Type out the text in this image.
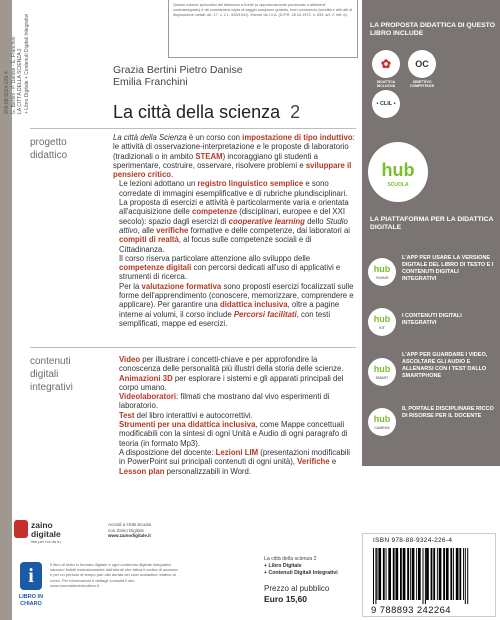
978-88-9324-226-4 G. Bertini - P. Danise - E. Franchini LA CITTÀ DELLA SCIENZA 2 + Libro Digitale + Contenuti Digitali Integrativi
Questo volume sprovvisto del talloncino a fronte (o opportunamente punzonato o altrimenti contrassegnato) è da considerarsi copia di saggio-campione gratuito, fuori commercio (vendita e altri atti di disposizione vietati: art. 17, c. 2 L. 633/1941). Esente da I.V.A. (D.P.R. 26.10.1972, n. 633, art. 2, lett. d).
Grazia Bertini Pietro Danise
Emilia Franchini
La città della scienza 2
LA PROPOSTA DIDATTICA DI QUESTO LIBRO INCLUDE
✿
DIDATTICA INCLUSIVA
OC
OBIETTIVO COMPETENZE
• CLIL •
hub
SCUOLA
LA PIATTAFORMA PER LA DIDATTICA DIGITALE
hub
YOUNG
L'APP PER USARE LA VERSIONE DIGITALE DEL LIBRO DI TESTO E I CONTENUTI DIGITALI INTEGRATIVI
hub
KIT
I CONTENUTI DIGITALI INTEGRATIVI
hub
SMART
L'APP PER GUARDARE I VIDEO, ASCOLTARE GLI AUDIO E ALLENARSI CON I TEST DALLO SMARTPHONE
hub
CAMPUS
IL PORTALE DISCIPLINARE RICCO DI RISORSE PER IL DOCENTE
progetto
didattico

La città della Scienza è un corso con impostazione di tipo induttivo: le attività di osservazione-interpretazione e le proposte di laboratorio (tradizionali o in ambito STEAM) incoraggiano gli studenti a sperimentare, costruire, osservare, risolvere problemi e sviluppare il pensiero critico.

Le lezioni adottano un registro linguistico semplice e sono corredate di immagini esemplificative e di rubriche plundisciplinari.

La proposta di esercizi e attività è particolarmente varia e orientata all'acquisizione delle competenze (disciplinari, europee e del XXI secolo): spazio dagli esercizi di cooperative learning dello Studio attivo, alle verifiche formative e delle competenze, dai laboratori ai compiti di realtà, al focus sulle competenze sociali e di Cittadinanza.

Il corso riserva particolare attenzione allo sviluppo delle competenze digitali con percorsi dedicati all'uso di applicativi e strumenti di ricerca.

Per la valutazione formativa sono proposti esercizi focalizzati sulle forme dell'apprendimento (conoscere, memorizzare, comprendere e applicare). Per garantire una didattica inclusiva, oltre a pagine interne ai volumi, il corso include Percorsi facilitati, con testi semplificati, mappe ed esercizi.

contenuti
digitali
integrativi

Video per illustrare i concetti-chiave e per approfondire la conoscenza delle personalità più illustri della storia delle scienze.

Animazioni 3D per esplorare i sistemi e gli apparati principali del corpo umano.

Videolaboratori: filmati che mostrano dal vivo esperimenti di laboratorio.

Test del libro interattivi e autocorrettivi.

Strumenti per una didattica inclusiva, come Mappe concettuali modificabili con la sintesi di ogni Unità e Audio di ogni paragrafo di teoria (in formato Mp3).

A disposizione del docente: Lezioni LIM (presentazioni modificabili in PowerPoint sui principali contenuti di ogni unità), Verifiche e Lesson plan personalizzabili in Word.

zaino
digitale
libri per noi da tu
Accedi a HUB Scuola
con Zaino Digitale
www.zainodigitale.it
i
LIBRO IN
CHIARO
Il libro di testo in formato digitale e ogni contenuto digitale integrativo saranno fruibili esclusivamente dall'utente che attiva il codice di accesso e per un periodo di tempo pari alla durata del ciclo scolastico relativo al corso. Per informazioni e dettagli consulta il sito www.mondadorieducation.it
La città della scienza 2
+ Libro Digitale
+ Contenuti Digitali Integrativi
Prezzo al pubblico
Euro 15,60
ISBN 978-88-9324-226-4
9 788893 242264
